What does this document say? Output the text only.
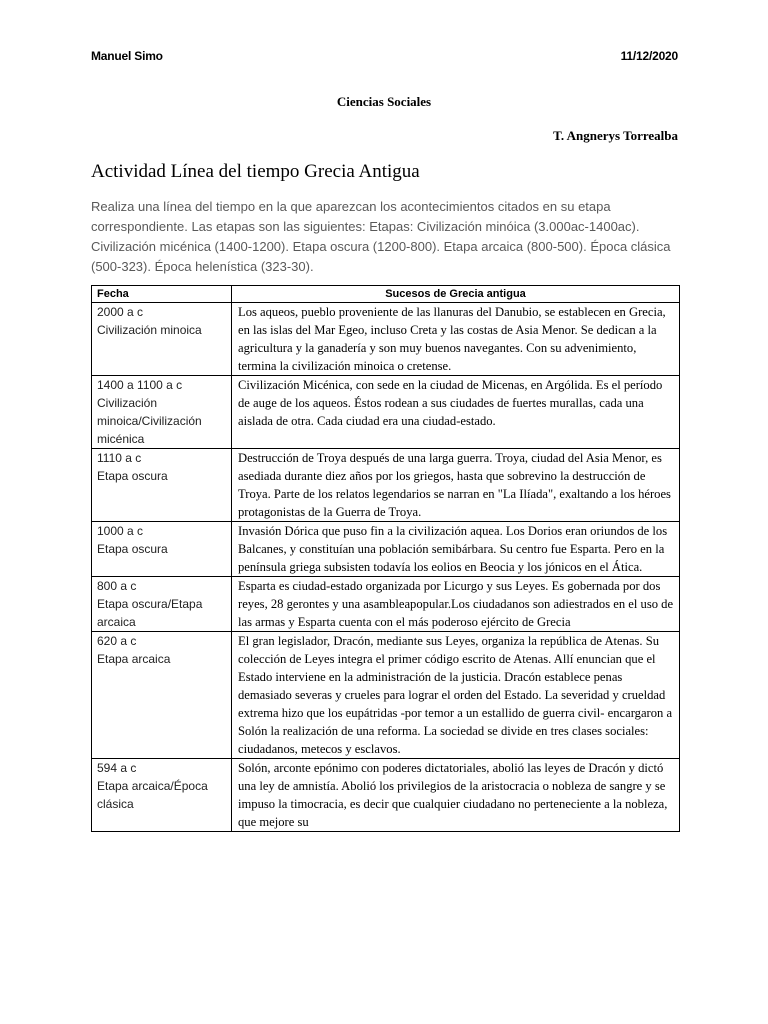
Manuel Simo	11/12/2020
Ciencias Sociales
T. Angnerys Torrealba
Actividad Línea del tiempo Grecia Antigua
Realiza una línea del tiempo en la que aparezcan los acontecimientos citados en su etapa correspondiente. Las etapas son las siguientes: Etapas: Civilización minóica (3.000ac-1400ac). Civilización micénica (1400-1200). Etapa oscura (1200-800). Etapa arcaica (800-500). Época clásica (500-323). Época helenística (323-30).
Fecha	Sucesos de Grecia antigua

2000 a c
Civilización minoica	Los aqueos, pueblo proveniente de las llanuras del Danubio, se establecen en Grecia, en las islas del Mar Egeo, incluso Creta y las costas de Asia Menor. Se dedican a la agricultura y la ganadería y son muy buenos navegantes. Con su advenimiento, termina la civilización minoica o cretense.

1400 a 1100 a c
Civilización minoica/Civilización micénica	Civilización Micénica, con sede en la ciudad de Micenas, en Argólida. Es el período de auge de los aqueos. Éstos rodean a sus ciudades de fuertes murallas, cada una aislada de otra. Cada ciudad era una ciudad-estado.

1110 a c
Etapa oscura	Destrucción de Troya después de una larga guerra. Troya, ciudad del Asia Menor, es asediada durante diez años por los griegos, hasta que sobrevino la destrucción de Troya. Parte de los relatos legendarios se narran en "La Ilíada", exaltando a los héroes protagonistas de la Guerra de Troya.

1000 a c
Etapa oscura	Invasión Dórica que puso fin a la civilización aquea. Los Dorios eran oriundos de los Balcanes, y constituían una población semibárbara. Su centro fue Esparta. Pero en la península griega subsisten todavía los eolios en Beocia y los jónicos en el Ática.

800 a c
Etapa oscura/Etapa arcaica	Esparta es ciudad-estado organizada por Licurgo y sus Leyes. Es gobernada por dos reyes, 28 gerontes y una asambleapopular.Los ciudadanos son adiestrados en el uso de las armas y Esparta cuenta con el más poderoso ejército de Grecia

620 a c
Etapa arcaica	El gran legislador, Dracón, mediante sus Leyes, organiza la república de Atenas. Su colección de Leyes integra el primer código escrito de Atenas. Allí enuncian que el Estado interviene en la administración de la justicia. Dracón establece penas demasiado severas y crueles para lograr el orden del Estado. La severidad y crueldad extrema hizo que los eupátridas -por temor a un estallido de guerra civil- encargaron a Solón la realización de una reforma. La sociedad se divide en tres clases sociales: ciudadanos, metecos y esclavos.

594 a c
Etapa arcaica/Época clásica	Solón, arconte epónimo con poderes dictatoriales, abolió las leyes de Dracón y dictó una ley de amnistía. Abolió los privilegios de la aristocracia o nobleza de sangre y se impuso la timocracia, es decir que cualquier ciudadano no perteneciente a la nobleza, que mejore su
